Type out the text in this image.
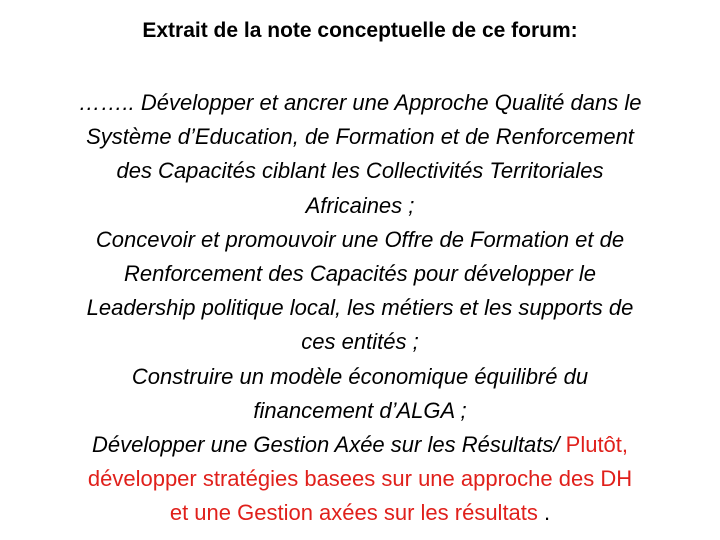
Extrait de la note conceptuelle de ce forum:
…….. Développer et ancrer une Approche Qualité dans le
Système d’Education, de Formation et de Renforcement
des Capacités ciblant les Collectivités Territoriales
Africaines ;
Concevoir et promouvoir une Offre de Formation et de
Renforcement des Capacités pour développer le
Leadership politique local, les métiers et les supports de
ces entités ;
Construire un modèle économique équilibré du
financement d’ALGA ;
Développer une Gestion Axée sur les Résultats/ Plutôt,
développer stratégies basees sur une approche des DH
et une Gestion axées sur les résultats .
